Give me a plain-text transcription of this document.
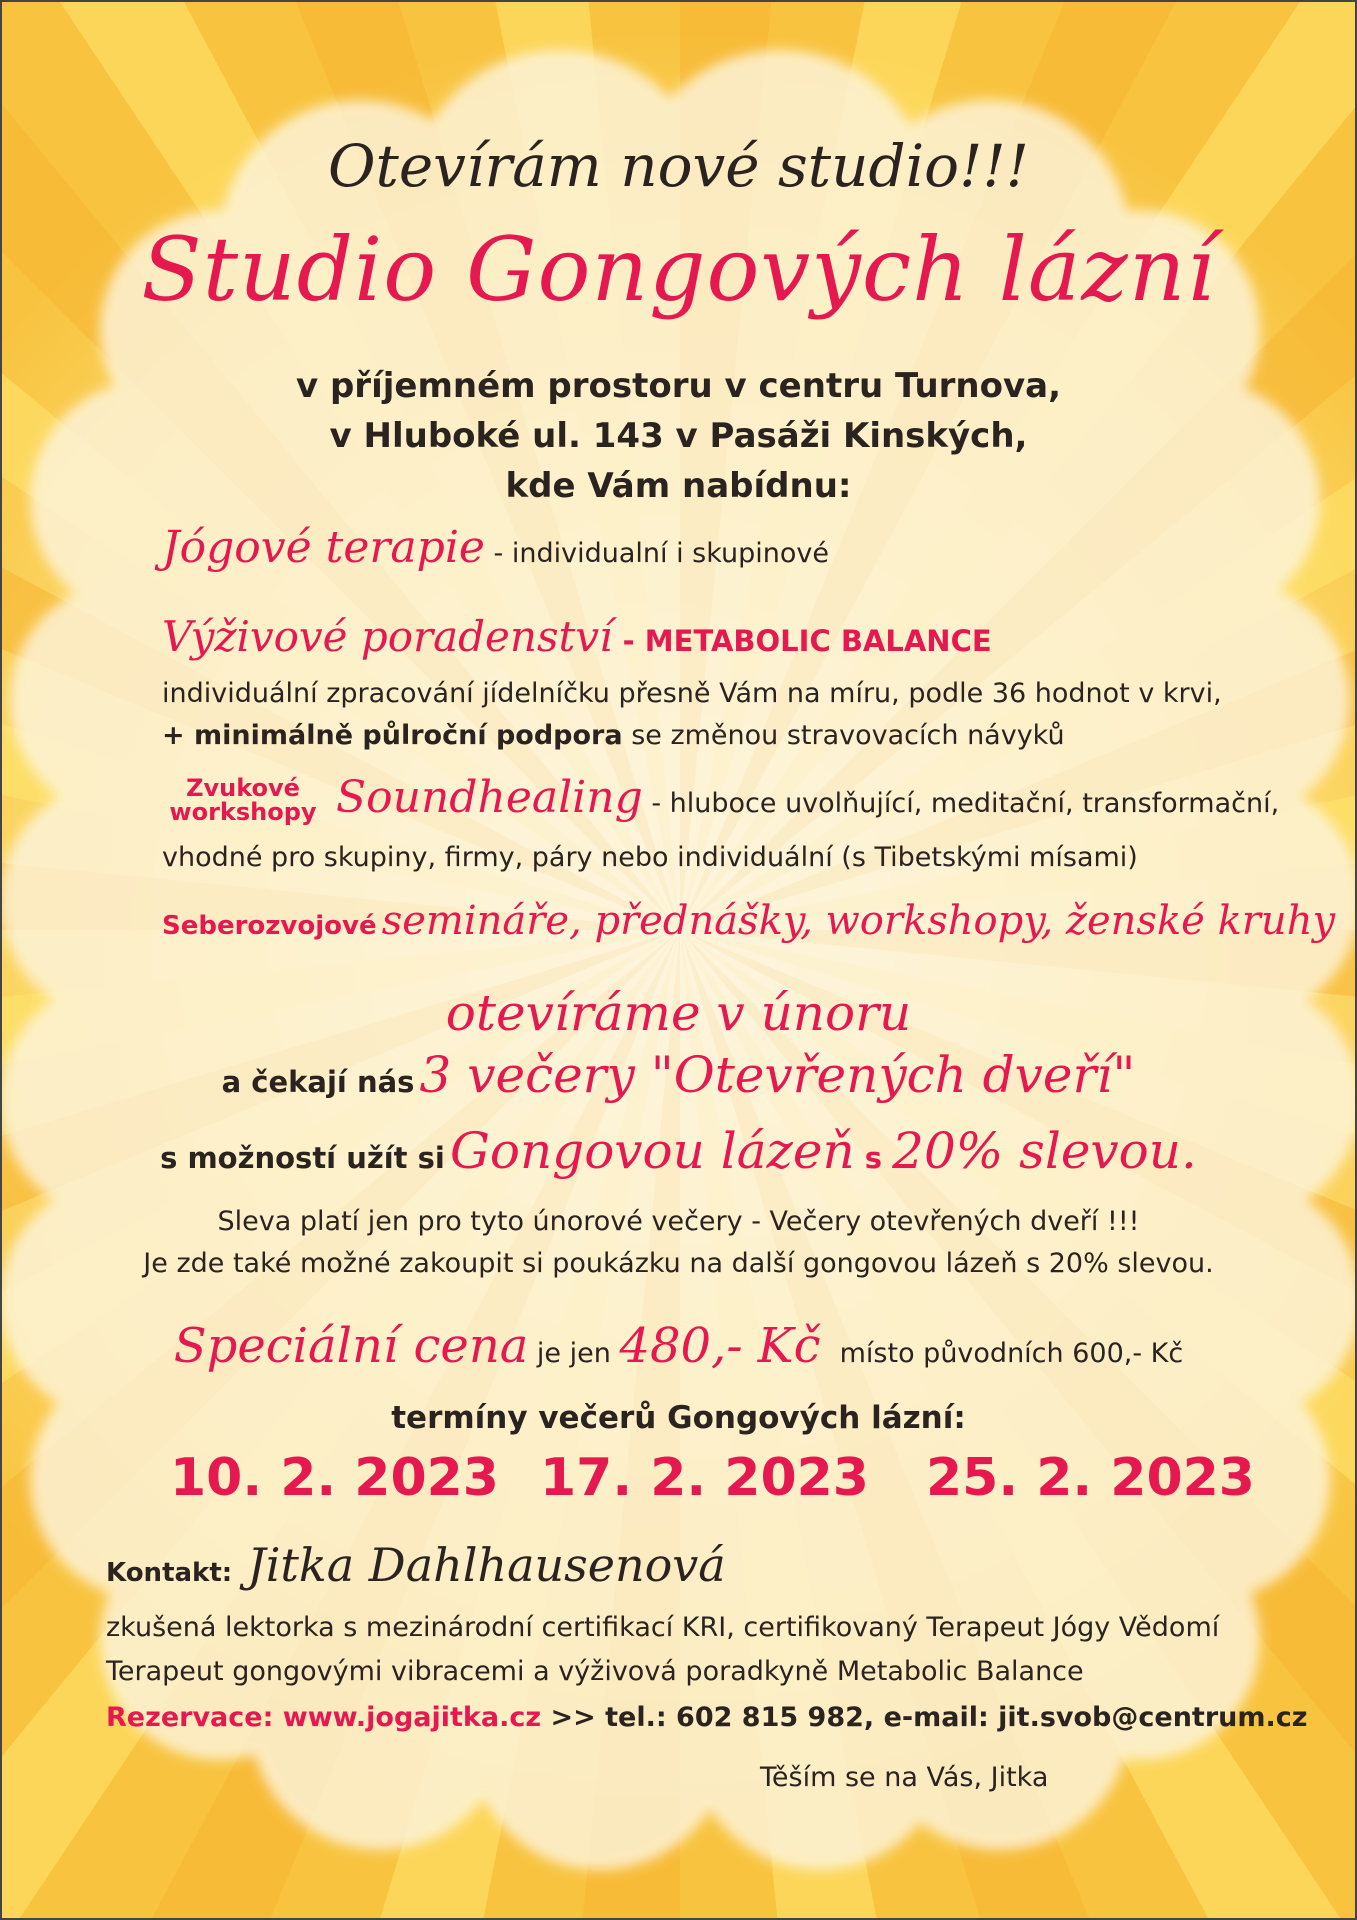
Otevírám nové studio!!!
Studio Gongových lázní
v příjemném prostoru v centru Turnova,
v Hluboké ul. 143 v Pasáži Kinských,
kde Vám nabídnu:
Jógové terapie - individualní i skupinové
Výživové poradenství - METABOLIC BALANCE
individuální zpracování jídelníčku přesně Vám na míru, podle 36 hodnot v krvi,
+ minimálně půlroční podpora se změnou stravovacích návyků
Zvukové
workshopy Soundhealing - hluboce uvolňující, meditační, transformační,
vhodné pro skupiny, firmy, páry nebo individuální (s Tibetskými mísami)
Seberozvojové semináře, přednášky, workshopy, ženské kruhy
otevíráme v únoru
a čekají nás 3 večery "Otevřených dveří"
s možností užít si Gongovou lázeň s 20% slevou.
Sleva platí jen pro tyto únorové večery - Večery otevřených dveří !!!
Je zde také možné zakoupit si poukázku na další gongovou lázeň s 20% slevou.
Speciální cena je jen 480,- Kč místo původních 600,- Kč
termíny večerů Gongových lázní:
10. 2. 2023 17. 2. 2023 25. 2. 2023
Kontakt: Jitka Dahlhausenová
zkušená lektorka s mezinárodní certifikací KRI, certifikovaný Terapeut Jógy Vědomí
Terapeut gongovými vibracemi a výživová poradkyně Metabolic Balance
Rezervace: www.jogajitka.cz >> tel.: 602 815 982, e-mail: jit.svob@centrum.cz
Těším se na Vás, Jitka
